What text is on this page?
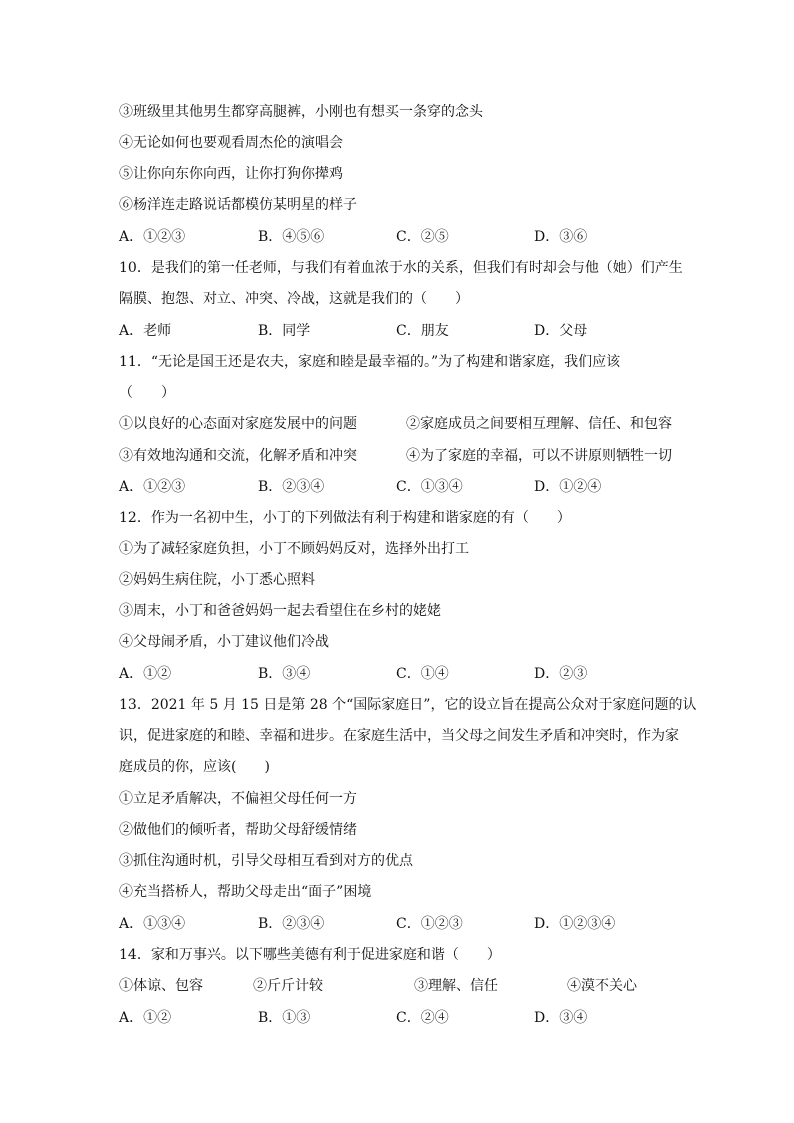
③班级里其他男生都穿高腿裤，小刚也有想买一条穿的念头
④无论如何也要观看周杰伦的演唱会
⑤让你向东你向西，让你打狗你撵鸡
⑥杨洋连走路说话都模仿某明星的样子
A．①②③	B．④⑤⑥	C．②⑤	D．③⑥
10．是我们的第一任老师，与我们有着血浓于水的关系，但我们有时却会与他（她）们产生
隔膜、抱怨、对立、冲突、冷战，这就是我们的（　　）
A．老师	B．同学	C．朋友	D．父母
11．“无论是国王还是农夫，家庭和睦是最幸福的。”为了构建和谐家庭，我们应该
（　　）
①以良好的心态面对家庭发展中的问题	②家庭成员之间要相互理解、信任、和包容
③有效地沟通和交流，化解矛盾和冲突	④为了家庭的幸福，可以不讲原则牺牲一切
A．①②③	B．②③④	C．①③④	D．①②④
12．作为一名初中生，小丁的下列做法有利于构建和谐家庭的有（　　）
①为了减轻家庭负担，小丁不顾妈妈反对，选择外出打工
②妈妈生病住院，小丁悉心照料
③周末，小丁和爸爸妈妈一起去看望住在乡村的姥姥
④父母闹矛盾，小丁建议他们冷战
A．①②	B．③④	C．①④	D．②③
13．2021 年 5 月 15 日是第 28 个“国际家庭日”，它的设立旨在提高公众对于家庭问题的认
识，促进家庭的和睦、幸福和进步。在家庭生活中，当父母之间发生矛盾和冲突时，作为家
庭成员的你，应该(　　)
①立足矛盾解决，不偏袒父母任何一方
②做他们的倾听者，帮助父母舒缓情绪
③抓住沟通时机，引导父母相互看到对方的优点
④充当搭桥人，帮助父母走出“面子”困境
A．①③④	B．②③④	C．①②③	D．①②③④
14．家和万事兴。以下哪些美德有利于促进家庭和谐（　　）
①体谅、包容	②斤斤计较	③理解、信任	④漠不关心
A．①②	B．①③	C．②④	D．③④
